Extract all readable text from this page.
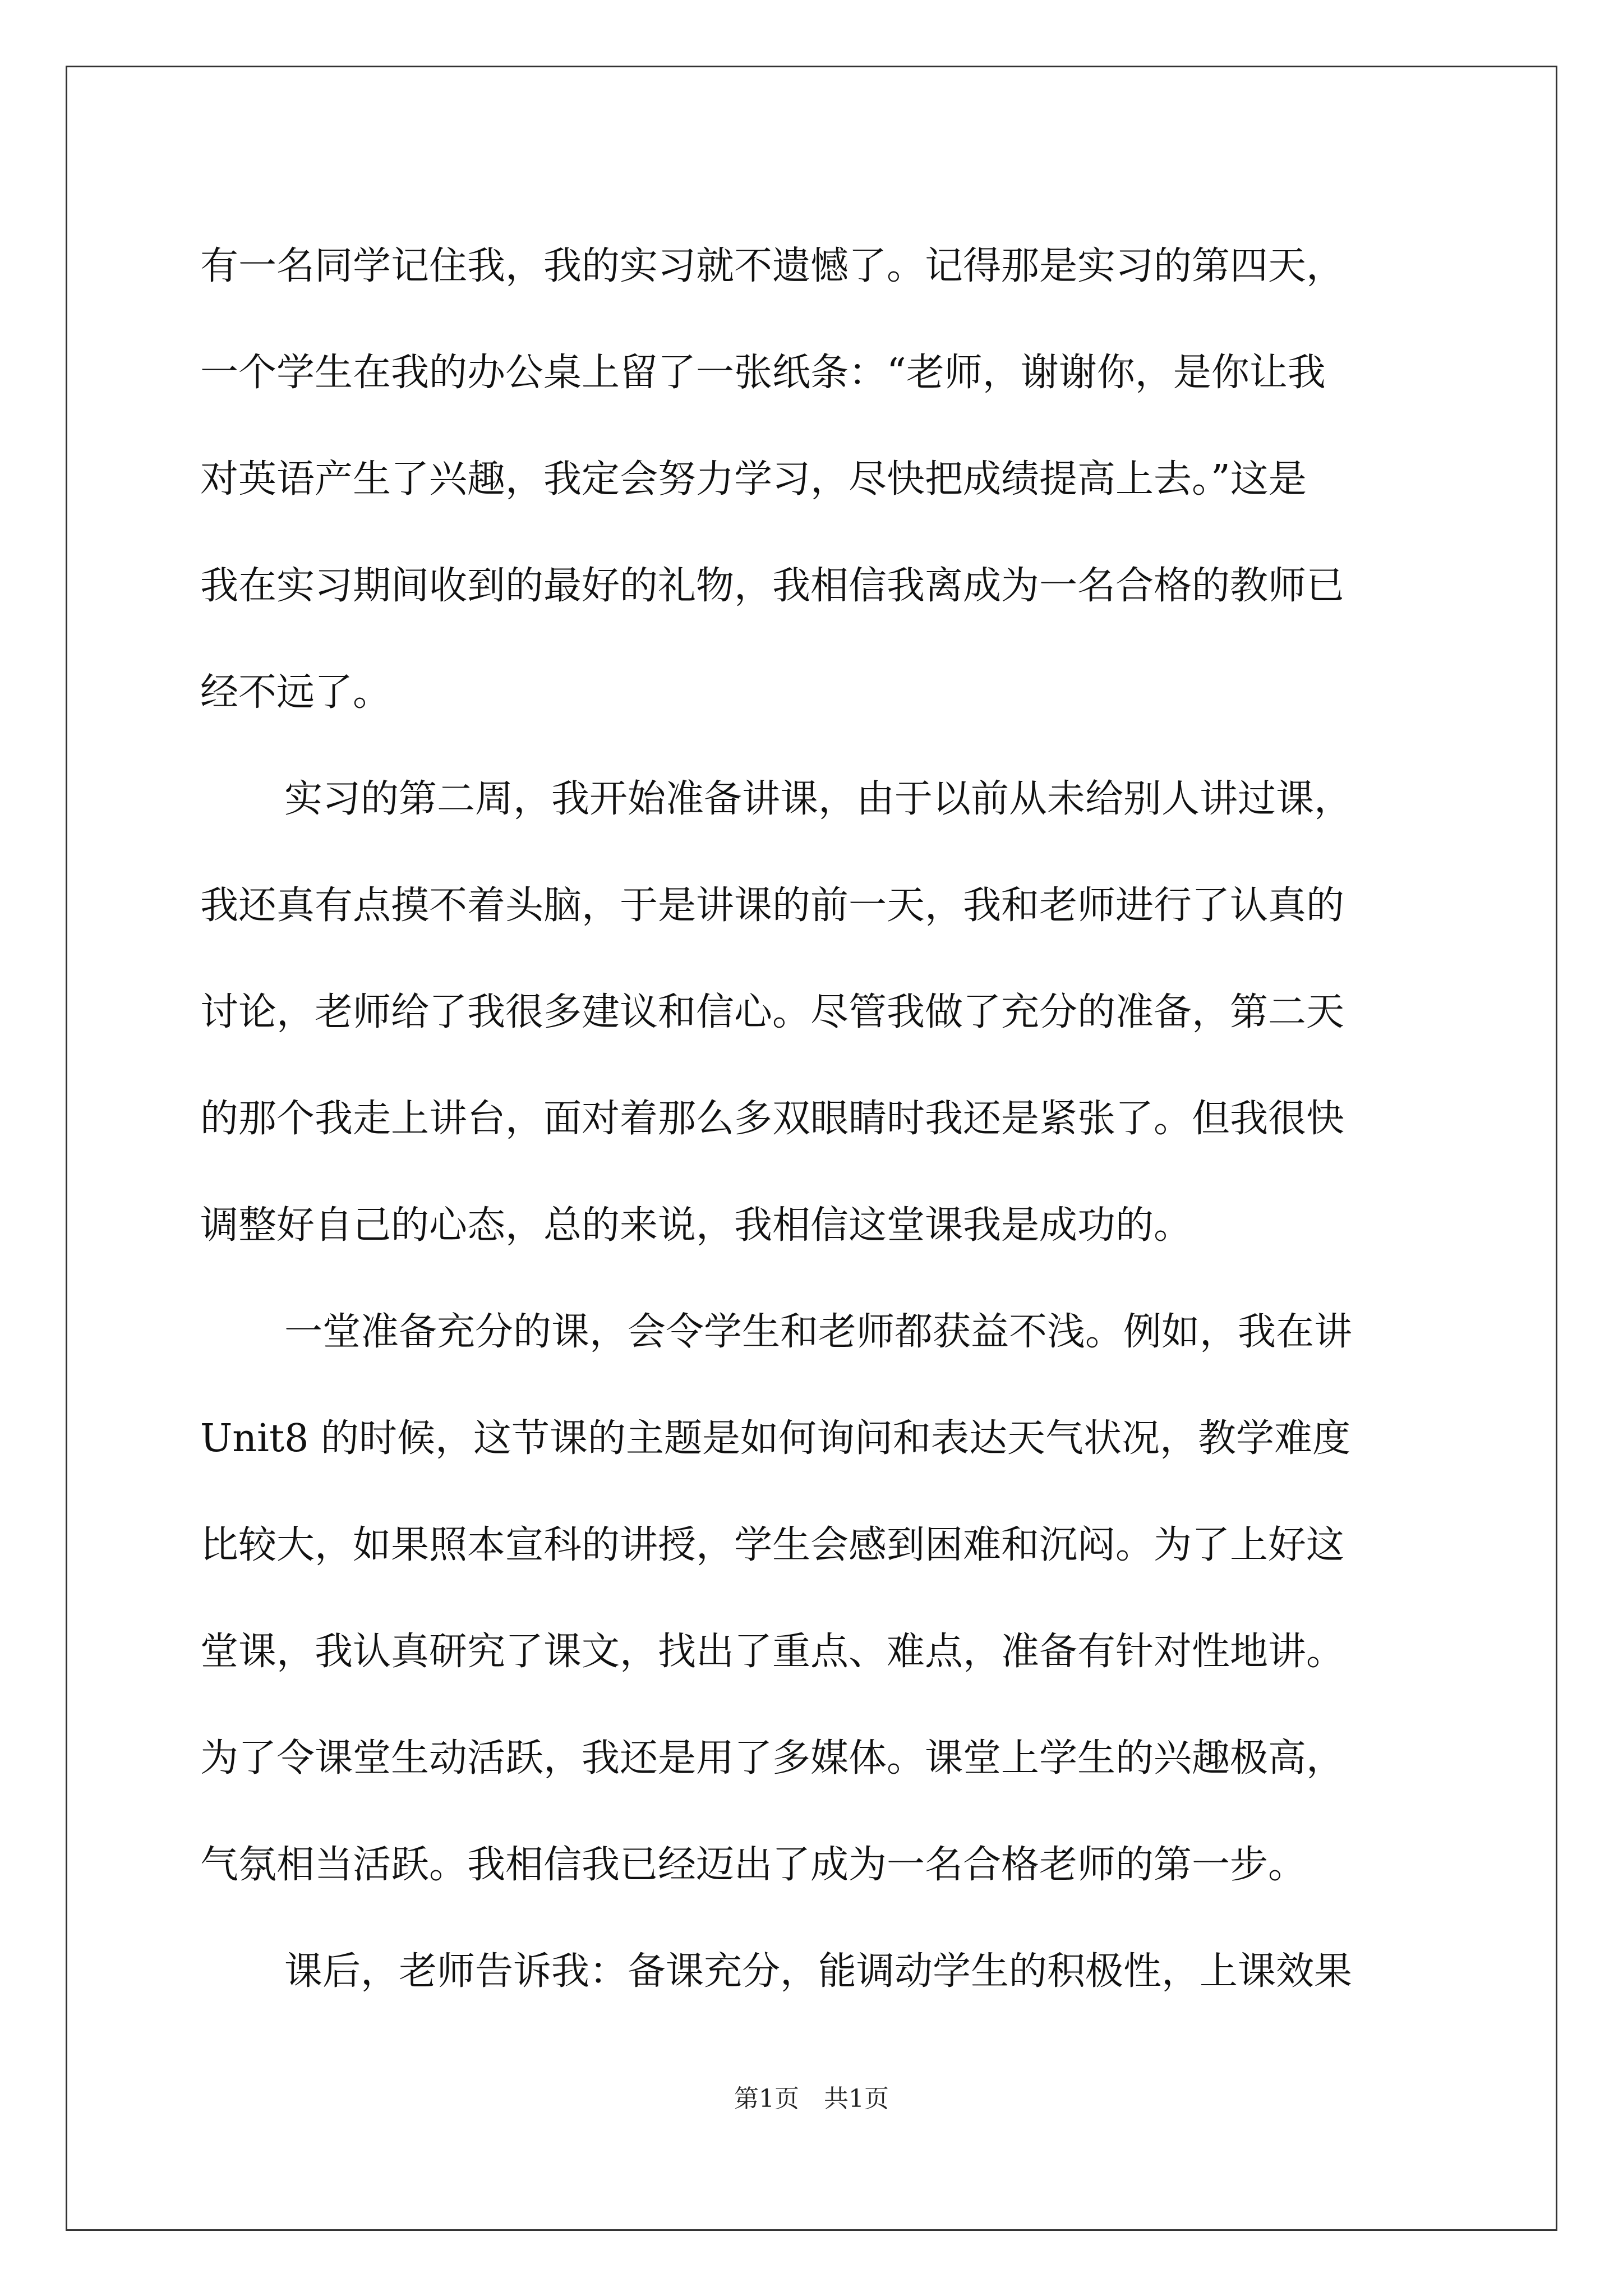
有一名同学记住我，我的实习就不遗憾了。记得那是实习的第四天，
一个学生在我的办公桌上留了一张纸条：“老师，谢谢你，是你让我
对英语产生了兴趣，我定会努力学习，尽快把成绩提高上去。”这是
我在实习期间收到的最好的礼物，我相信我离成为一名合格的教师已
经不远了。
实习的第二周，我开始准备讲课，由于以前从未给别人讲过课，
我还真有点摸不着头脑，于是讲课的前一天，我和老师进行了认真的
讨论，老师给了我很多建议和信心。尽管我做了充分的准备，第二天
的那个我走上讲台，面对着那么多双眼睛时我还是紧张了。但我很快
调整好自己的心态，总的来说，我相信这堂课我是成功的。
一堂准备充分的课，会令学生和老师都获益不浅。例如，我在讲
Unit8 的时候，这节课的主题是如何询问和表达天气状况，教学难度
比较大，如果照本宣科的讲授，学生会感到困难和沉闷。为了上好这
堂课，我认真研究了课文，找出了重点、难点，准备有针对性地讲。
为了令课堂生动活跃，我还是用了多媒体。课堂上学生的兴趣极高，
气氛相当活跃。我相信我已经迈出了成为一名合格老师的第一步。
课后，老师告诉我：备课充分，能调动学生的积极性，上课效果
第1页　共1页
